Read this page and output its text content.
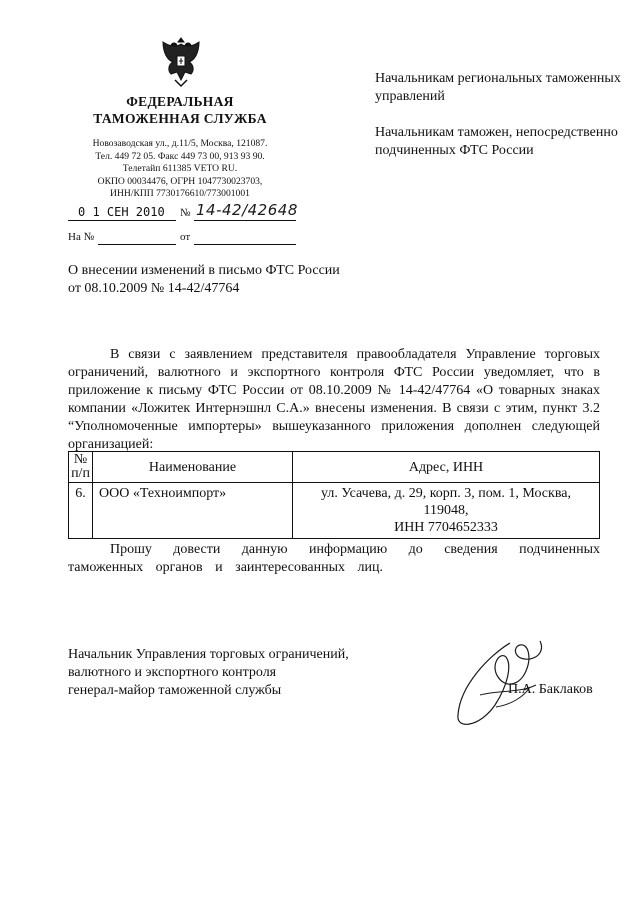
ФЕДЕРАЛЬНАЯ
ТАМОЖЕННАЯ СЛУЖБА
Новозаводская ул., д.11/5, Москва, 121087.
Тел. 449 72 05. Факс 449 73 00, 913 93 90.
Телетайп 611385 VETO RU.
ОКПО 00034476, ОГРН 1047730023703,
ИНН/КПП 7730176610/773001001
0 1 СЕН 2010 № 14-42/42648
На №	от
Начальникам региональных таможенных управлений
Начальникам таможен, непосредственно подчиненных ФТС России
О внесении изменений в письмо ФТС России от 08.10.2009 № 14-42/47764

В связи с заявлением представителя правообладателя Управление торговых ограничений, валютного и экспортного контроля ФТС России уведомляет, что в приложение к письму ФТС России от 08.10.2009 № 14-42/47764 «О товарных знаках компании «Ложитек Интернэшнл С.А.» внесены изменения. В связи с этим, пункт 3.2 “Уполномоченные импортеры» вышеуказанного приложения дополнен следующей организацией:

№ п/п	Наименование	Адрес, ИНН
6.	ООО «Техноимпорт»	ул. Усачева, д. 29, корп. 3, пом. 1, Москва,
119048,
ИНН 7704652333

Прошу довести данную информацию до сведения подчиненных таможенных органов и заинтересованных лиц.

Начальник Управления торговых ограничений,
валютного и экспортного контроля
генерал-майор таможенной службы	П.А. Баклаков
